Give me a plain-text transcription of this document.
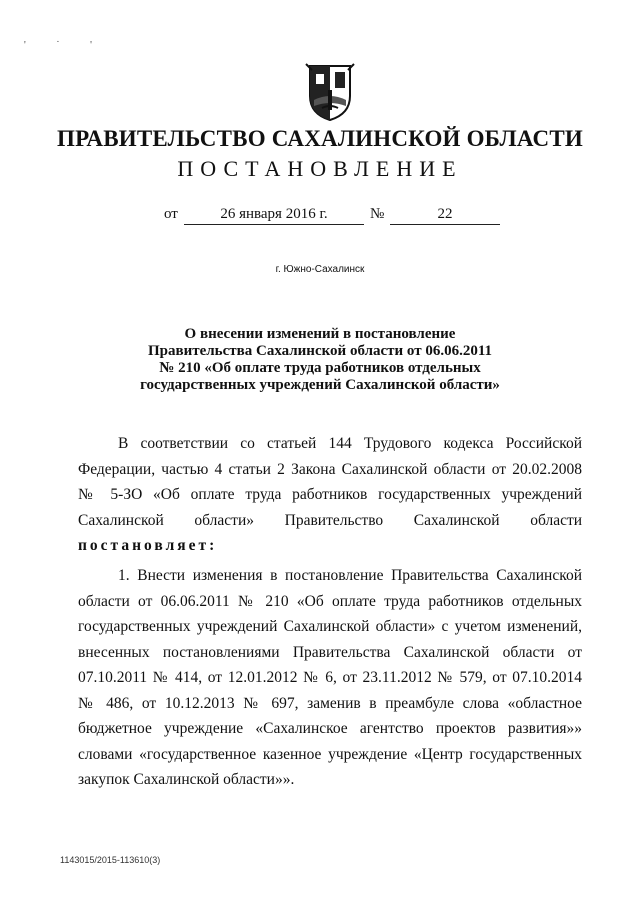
' ˙ '
ПРАВИТЕЛЬСТВО САХАЛИНСКОЙ ОБЛАСТИ
ПОСТАНОВЛЕНИЕ
от	26 января 2016 г.	№	22
г. Южно-Сахалинск
О внесении изменений в постановление
Правительства Сахалинской области от 06.06.2011
№ 210 «Об оплате труда работников отдельных
государственных учреждений Сахалинской области»
В соответствии со статьей 144 Трудового кодекса Российской
Федерации, частью 4 статьи 2 Закона Сахалинской области от 20.02.2008
№ 5-ЗО «Об оплате труда работников государственных учреждений
Сахалинской области» Правительство Сахалинской области
постановляет:
1. Внести изменения в постановление Правительства Сахалинской
области от 06.06.2011 № 210 «Об оплате труда работников отдельных
государственных учреждений Сахалинской области» с учетом изменений,
внесенных постановлениями Правительства Сахалинской области от
07.10.2011 № 414, от 12.01.2012 № 6, от 23.11.2012 № 579, от 07.10.2014
№ 486, от 10.12.2013 № 697, заменив в преамбуле слова «областное
бюджетное учреждение «Сахалинское агентство проектов развития»»
словами «государственное казенное учреждение «Центр государственных
закупок Сахалинской области»».
1143015/2015-113610(3)
